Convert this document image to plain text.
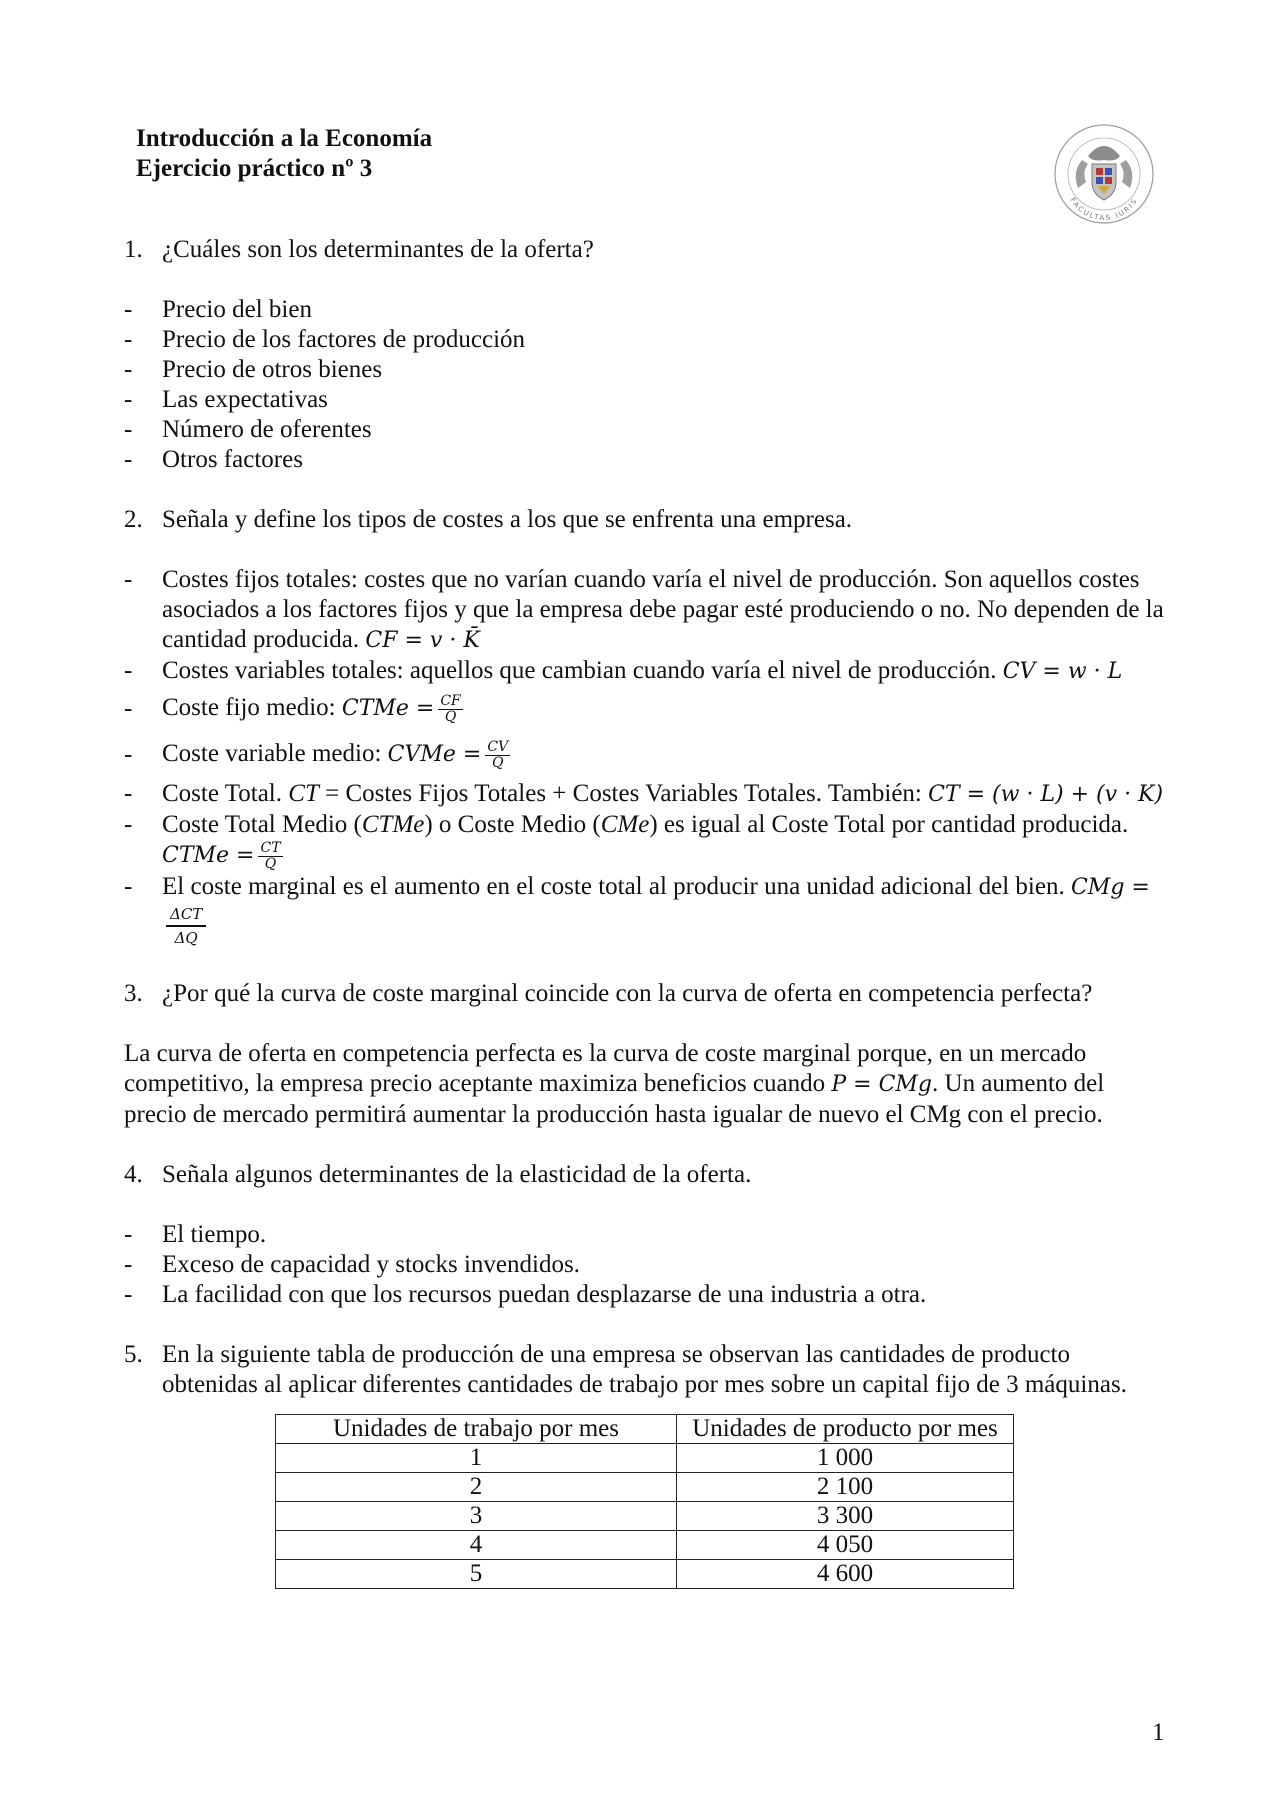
Introducción a la Economía
Ejercicio práctico nº 3
FACULTAS IURIS
1. ¿Cuáles son los determinantes de la oferta?
-	Precio del bien
-	Precio de los factores de producción
-	Precio de otros bienes
-	Las expectativas
-	Número de oferentes
-	Otros factores
2. Señala y define los tipos de costes a los que se enfrenta una empresa.
-	Costes fijos totales: costes que no varían cuando varía el nivel de producción. Son aquellos costes asociados a los factores fijos y que la empresa debe pagar esté produciendo o no. No dependen de la cantidad producida. CF = v · K̄
-	Costes variables totales: aquellos que cambian cuando varía el nivel de producción. CV = w · L
-	Coste fijo medio: CTMe = $\frac{CF}{Q}$
-	Coste variable medio: CVMe = $\frac{CV}{Q}$
-	Coste Total. CT = Costes Fijos Totales + Costes Variables Totales. También: CT = (w · L) + (v · K)
-	Coste Total Medio (CTMe) o Coste Medio (CMe) es igual al Coste Total por cantidad producida. CTMe = $\frac{CT}{Q}$
-	El coste marginal es el aumento en el coste total al producir una unidad adicional del bien. CMg =
$\frac{\text{ΔCT}}{\Delta Q}$
3. ¿Por qué la curva de coste marginal coincide con la curva de oferta en competencia perfecta?

La curva de oferta en competencia perfecta es la curva de coste marginal porque, en un mercado competitivo, la empresa precio aceptante maximiza beneficios cuando P = CMg. Un aumento del precio de mercado permitirá aumentar la producción hasta igualar de nuevo el CMg con el precio.

4. Señala algunos determinantes de la elasticidad de la oferta.
-	El tiempo.
-	Exceso de capacidad y stocks invendidos.
-	La facilidad con que los recursos puedan desplazarse de una industria a otra.
5. En la siguiente tabla de producción de una empresa se observan las cantidades de producto obtenidas al aplicar diferentes cantidades de trabajo por mes sobre un capital fijo de 3 máquinas.
Unidades de trabajo por mes	Unidades de producto por mes
1	1 000
2	2 100
3	3 300
4	4 050
5	4 600
1
